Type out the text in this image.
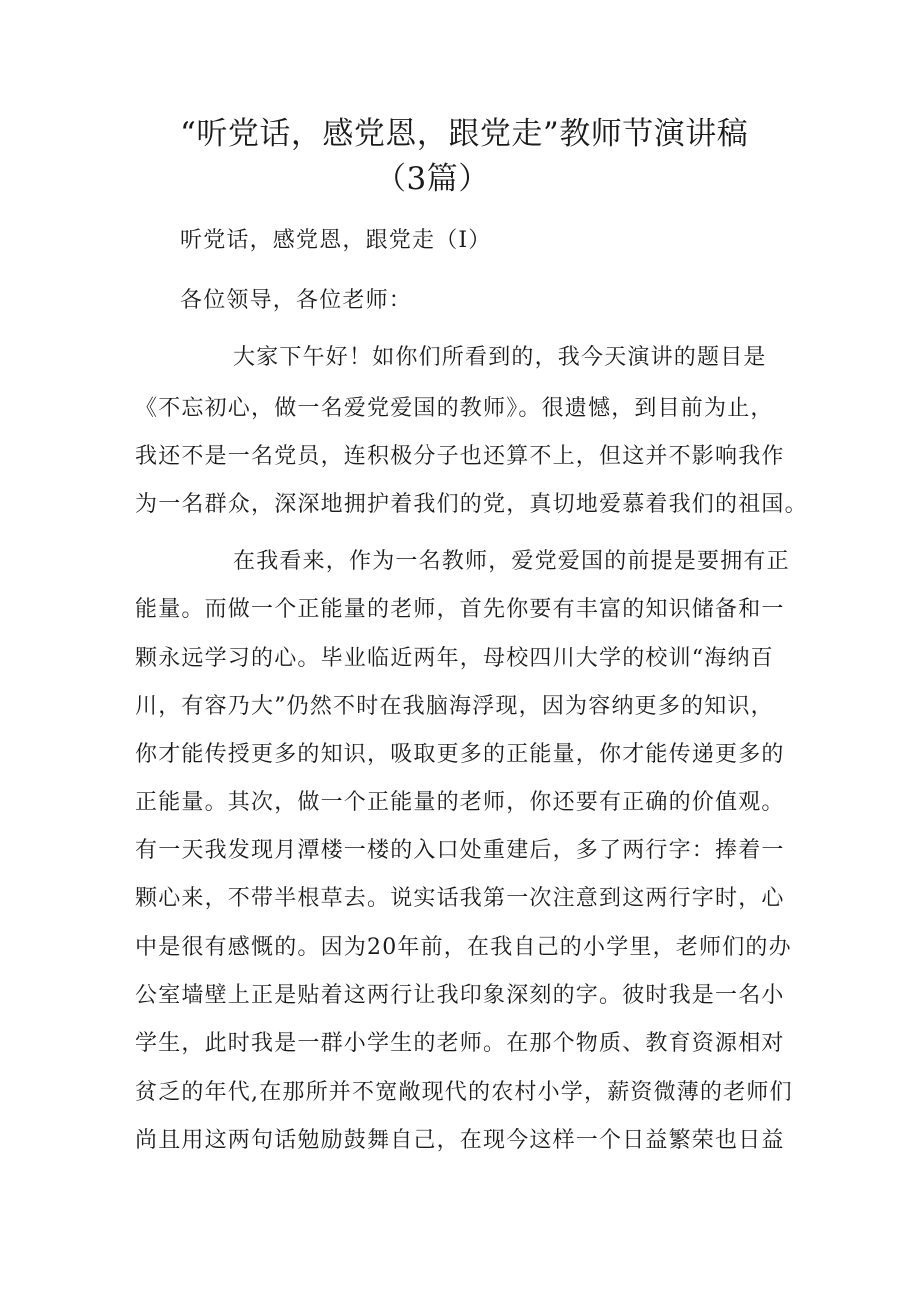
“听党话，感党恩，跟党走”教师节演讲稿
（3篇）
听党话，感党恩，跟党走（I）
各位领导，各位老师：
大家下午好！如你们所看到的，我今天演讲的题目是
《不忘初心，做一名爱党爱国的教师》。很遗憾，到目前为止，
我还不是一名党员，连积极分子也还算不上，但这并不影响我作
为一名群众，深深地拥护着我们的党，真切地爱慕着我们的祖国。
在我看来，作为一名教师，爱党爱国的前提是要拥有正
能量。而做一个正能量的老师，首先你要有丰富的知识储备和一
颗永远学习的心。毕业临近两年，母校四川大学的校训“海纳百
川，有容乃大”仍然不时在我脑海浮现，因为容纳更多的知识，
你才能传授更多的知识，吸取更多的正能量，你才能传递更多的
正能量。其次，做一个正能量的老师，你还要有正确的价值观。
有一天我发现月潭楼一楼的入口处重建后，多了两行字：捧着一
颗心来，不带半根草去。说实话我第一次注意到这两行字时，心
中是很有感慨的。因为20年前，在我自己的小学里，老师们的办
公室墙壁上正是贴着这两行让我印象深刻的字。彼时我是一名小
学生，此时我是一群小学生的老师。在那个物质、教育资源相对
贫乏的年代,在那所并不宽敞现代的农村小学，薪资微薄的老师们
尚且用这两句话勉励鼓舞自己，在现今这样一个日益繁荣也日益
